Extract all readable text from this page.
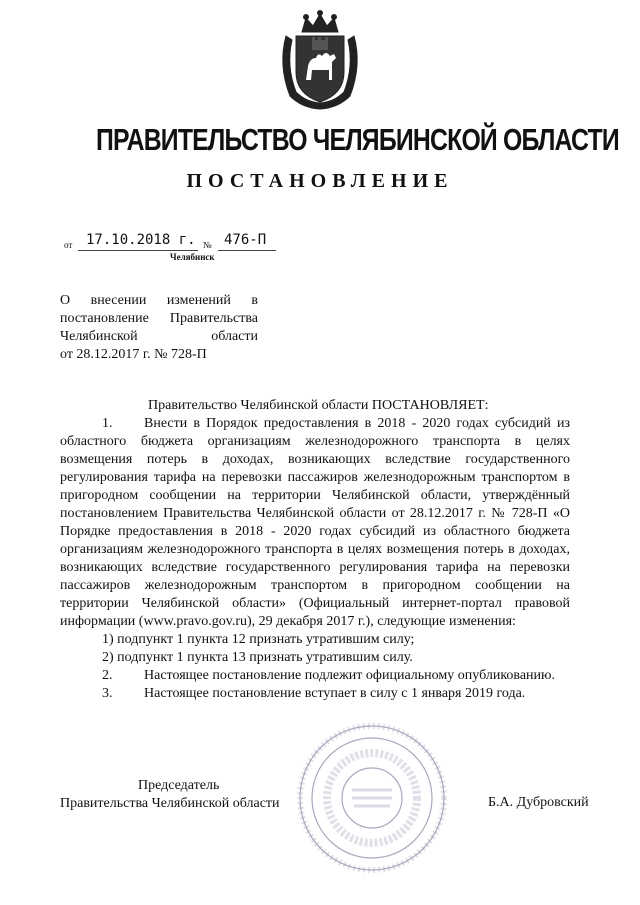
ПРАВИТЕЛЬСТВО ЧЕЛЯБИНСКОЙ ОБЛАСТИ
ПОСТАНОВЛЕНИЕ
от 17.10.2018 г. № 476-П
Челябинск
О внесении изменений в
постановление Правительства
Челябинской области
от 28.12.2017 г. № 728-П

Правительство Челябинской области ПОСТАНОВЛЯЕТ:

1. Внести в Порядок предоставления в 2018 - 2020 годах субсидий из областного бюджета организациям железнодорожного транспорта в целях возмещения потерь в доходах, возникающих вследствие государственного регулирования тарифа на перевозки пассажиров железнодорожным транспортом в пригородном сообщении на территории Челябинской области, утверждённый постановлением Правительства Челябинской области от 28.12.2017 г. № 728-П «О Порядке предоставления в 2018 - 2020 годах субсидий из областного бюджета организациям железнодорожного транспорта в целях возмещения потерь в доходах, возникающих вследствие государственного регулирования тарифа на перевозки пассажиров железнодорожным транспортом в пригородном сообщении на территории Челябинской области» (Официальный интернет-портал правовой информации (www.pravo.gov.ru), 29 декабря 2017 г.), следующие изменения:

1) подпункт 1 пункта 12 признать утратившим силу;

2) подпункт 1 пункта 13 признать утратившим силу.

2. Настоящее постановление подлежит официальному опубликованию.

3. Настоящее постановление вступает в силу с 1 января 2019 года.

Председатель
Правительства Челябинской области	Б.А. Дубровский
